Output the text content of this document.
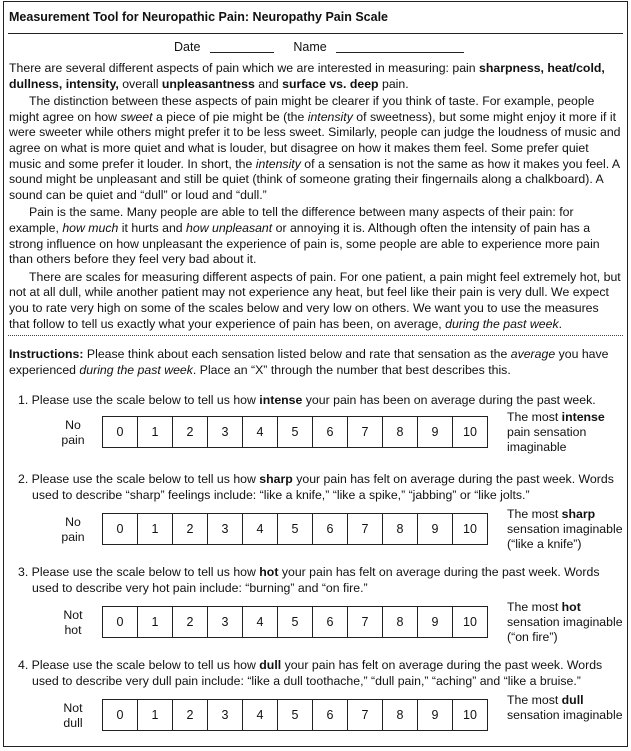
Measurement Tool for Neuropathic Pain: Neuropathy Pain Scale
Date	Name

There are several different aspects of pain which we are interested in measuring: pain sharpness, heat/cold, dullness, intensity, overall unpleasantness and surface vs. deep pain.

The distinction between these aspects of pain might be clearer if you think of taste. For example, people might agree on how sweet a piece of pie might be (the intensity of sweetness), but some might enjoy it more if it were sweeter while others might prefer it to be less sweet. Similarly, people can judge the loudness of music and agree on what is more quiet and what is louder, but disagree on how it makes them feel. Some prefer quiet music and some prefer it louder. In short, the intensity of a sensation is not the same as how it makes you feel. A sound might be unpleasant and still be quiet (think of someone grating their fingernails along a chalkboard). A sound can be quiet and “dull” or loud and “dull.”

Pain is the same. Many people are able to tell the difference between many aspects of their pain: for example, how much it hurts and how unpleasant or annoying it is. Although often the intensity of pain has a strong influence on how unpleasant the experience of pain is, some people are able to experience more pain than others before they feel very bad about it.

There are scales for measuring different aspects of pain. For one patient, a pain might feel extremely hot, but not at all dull, while another patient may not experience any heat, but feel like their pain is very dull. We expect you to rate very high on some of the scales below and very low on others. We want you to use the measures that follow to tell us exactly what your experience of pain has been, on average, during the past week.

Instructions: Please think about each sensation listed below and rate that sensation as the average you have experienced during the past week. Place an “X” through the number that best describes this.
1. Please use the scale below to tell us how intense your pain has been on average during the past week.
No
pain
0	1	2	3	4	5	6	7	8	9	10
The most intense
pain sensation
imaginable
2. Please use the scale below to tell us how sharp your pain has felt on average during the past week. Words
used to describe “sharp” feelings include: “like a knife,” “like a spike,” “jabbing” or “like jolts.”
No
pain
0	1	2	3	4	5	6	7	8	9	10
The most sharp
sensation imaginable
(“like a knife”)
3. Please use the scale below to tell us how hot your pain has felt on average during the past week. Words
used to describe very hot pain include: “burning” and “on fire.”
Not
hot
0	1	2	3	4	5	6	7	8	9	10
The most hot
sensation imaginable
(“on fire”)
4. Please use the scale below to tell us how dull your pain has felt on average during the past week. Words
used to describe very dull pain include: “like a dull toothache,” “dull pain,” “aching” and “like a bruise.”
Not
dull
0	1	2	3	4	5	6	7	8	9	10
The most dull
sensation imaginable
